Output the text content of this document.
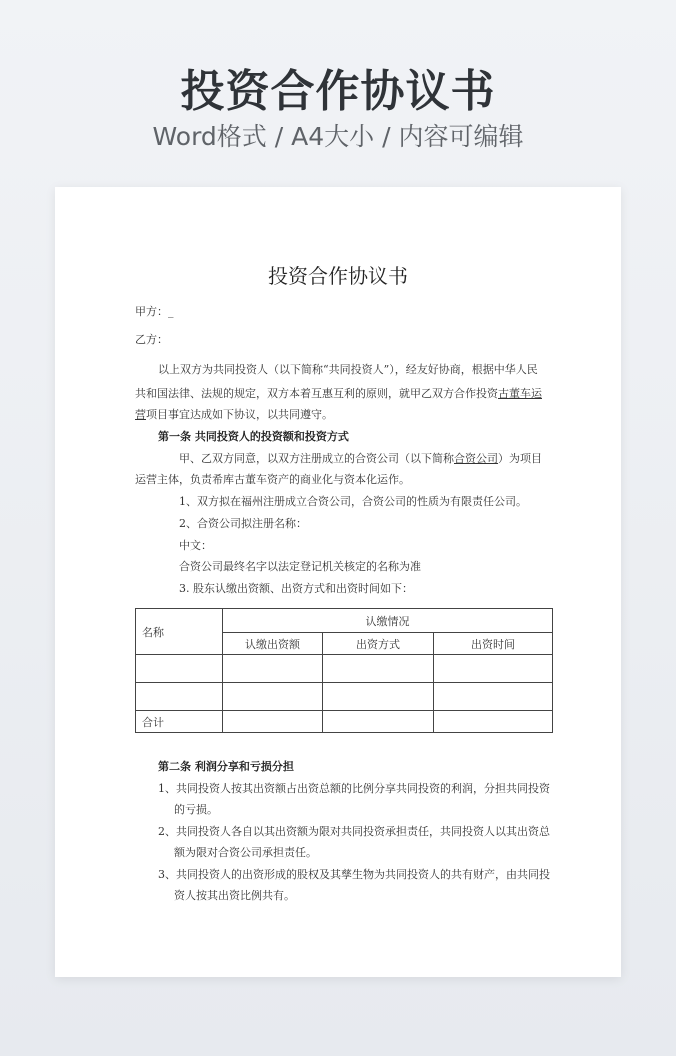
投资合作协议书
Word格式 / A4大小 / 内容可编辑
投资合作协议书
甲方：_
乙方：
以上双方为共同投资人（以下简称“共同投资人”），经友好协商，根据中华人民
共和国法律、法规的规定，双方本着互惠互利的原则，就甲乙双方合作投资古董车运
营项目事宜达成如下协议，以共同遵守。
第一条 共同投资人的投资额和投资方式
甲、乙双方同意，以双方注册成立的合资公司（以下简称合资公司）为项目
运营主体，负责希库古董车资产的商业化与资本化运作。
1、双方拟在福州注册成立合资公司，合资公司的性质为有限责任公司。
2、合资公司拟注册名称：
中文：
合资公司最终名字以法定登记机关核定的名称为准
3. 股东认缴出资额、出资方式和出资时间如下：
名称	认缴情况		
	认缴出资额	出资方式	出资时间

合计			
第二条 利润分享和亏损分担
1、共同投资人按其出资额占出资总额的比例分享共同投资的利润，分担共同投资
的亏损。
2、共同投资人各自以其出资额为限对共同投资承担责任，共同投资人以其出资总
额为限对合资公司承担责任。
3、共同投资人的出资形成的股权及其孳生物为共同投资人的共有财产，由共同投
资人按其出资比例共有。
